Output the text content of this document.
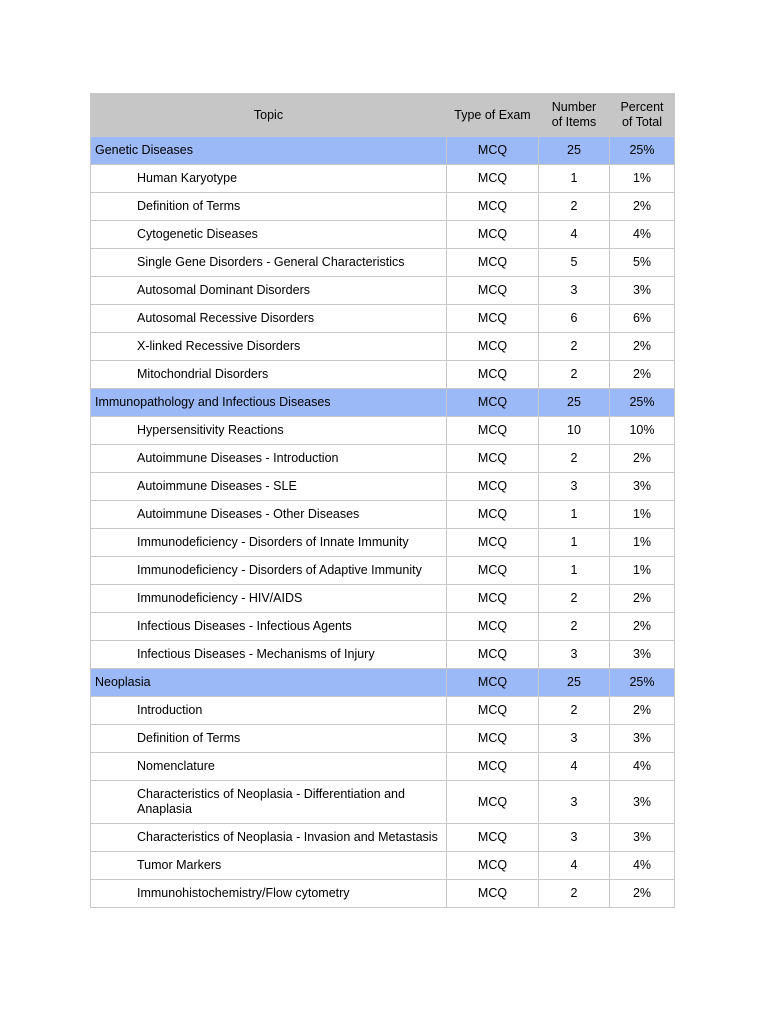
Topic	Type of Exam	Number of Items	Percent of Total
Genetic Diseases	MCQ	25	25%
Human Karyotype	MCQ	1	1%
Definition of Terms	MCQ	2	2%
Cytogenetic Diseases	MCQ	4	4%
Single Gene Disorders - General Characteristics	MCQ	5	5%
Autosomal Dominant Disorders	MCQ	3	3%
Autosomal Recessive Disorders	MCQ	6	6%
X-linked Recessive Disorders	MCQ	2	2%
Mitochondrial Disorders	MCQ	2	2%
Immunopathology and Infectious Diseases	MCQ	25	25%
Hypersensitivity Reactions	MCQ	10	10%
Autoimmune Diseases - Introduction	MCQ	2	2%
Autoimmune Diseases - SLE	MCQ	3	3%
Autoimmune Diseases - Other Diseases	MCQ	1	1%
Immunodeficiency - Disorders of Innate Immunity	MCQ	1	1%
Immunodeficiency - Disorders of Adaptive Immunity	MCQ	1	1%
Immunodeficiency - HIV/AIDS	MCQ	2	2%
Infectious Diseases - Infectious Agents	MCQ	2	2%
Infectious Diseases - Mechanisms of Injury	MCQ	3	3%
Neoplasia	MCQ	25	25%
Introduction	MCQ	2	2%
Definition of Terms	MCQ	3	3%
Nomenclature	MCQ	4	4%
Characteristics of Neoplasia - Differentiation and Anaplasia	MCQ	3	3%
Characteristics of Neoplasia - Invasion and Metastasis	MCQ	3	3%
Tumor Markers	MCQ	4	4%
Immunohistochemistry/Flow cytometry	MCQ	2	2%
